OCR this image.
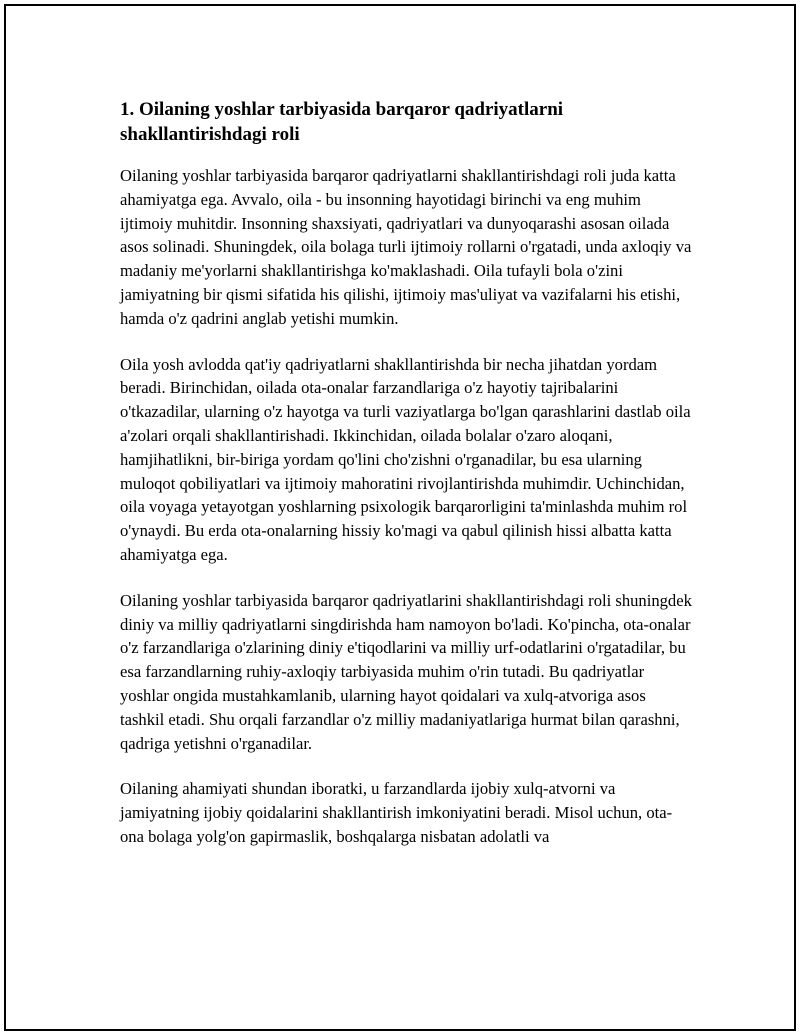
1. Oilaning yoshlar tarbiyasida barqaror qadriyatlarni shakllantirishdagi roli

Oilaning yoshlar tarbiyasida barqaror qadriyatlarni shakllantirishdagi roli juda katta ahamiyatga ega. Avvalo, oila - bu insonning hayotidagi birinchi va eng muhim ijtimoiy muhitdir. Insonning shaxsiyati, qadriyatlari va dunyoqarashi asosan oilada asos solinadi. Shuningdek, oila bolaga turli ijtimoiy rollarni o'rgatadi, unda axloqiy va madaniy me'yorlarni shakllantirishga ko'maklashadi. Oila tufayli bola o'zini jamiyatning bir qismi sifatida his qilishi, ijtimoiy mas'uliyat va vazifalarni his etishi, hamda o'z qadrini anglab yetishi mumkin.

Oila yosh avlodda qat'iy qadriyatlarni shakllantirishda bir necha jihatdan yordam beradi. Birinchidan, oilada ota-onalar farzandlariga o'z hayotiy tajribalarini o'tkazadilar, ularning o'z hayotga va turli vaziyatlarga bo'lgan qarashlarini dastlab oila a'zolari orqali shakllantirishadi. Ikkinchidan, oilada bolalar o'zaro aloqani, hamjihatlikni, bir-biriga yordam qo'lini cho'zishni o'rganadilar, bu esa ularning muloqot qobiliyatlari va ijtimoiy mahoratini rivojlantirishda muhimdir. Uchinchidan, oila voyaga yetayotgan yoshlarning psixologik barqarorligini ta'minlashda muhim rol o'ynaydi. Bu erda ota-onalarning hissiy ko'magi va qabul qilinish hissi albatta katta ahamiyatga ega.

Oilaning yoshlar tarbiyasida barqaror qadriyatlarini shakllantirishdagi roli shuningdek diniy va milliy qadriyatlarni singdirishda ham namoyon bo'ladi. Ko'pincha, ota-onalar o'z farzandlariga o'zlarining diniy e'tiqodlarini va milliy urf-odatlarini o'rgatadilar, bu esa farzandlarning ruhiy-axloqiy tarbiyasida muhim o'rin tutadi. Bu qadriyatlar yoshlar ongida mustahkamlanib, ularning hayot qoidalari va xulq-atvoriga asos tashkil etadi. Shu orqali farzandlar o'z milliy madaniyatlariga hurmat bilan qarashni, qadriga yetishni o'rganadilar.

Oilaning ahamiyati shundan iboratki, u farzandlarda ijobiy xulq-atvorni va jamiyatning ijobiy qoidalarini shakllantirish imkoniyatini beradi. Misol uchun, ota-ona bolaga yolg'on gapirmaslik, boshqalarga nisbatan adolatli va
